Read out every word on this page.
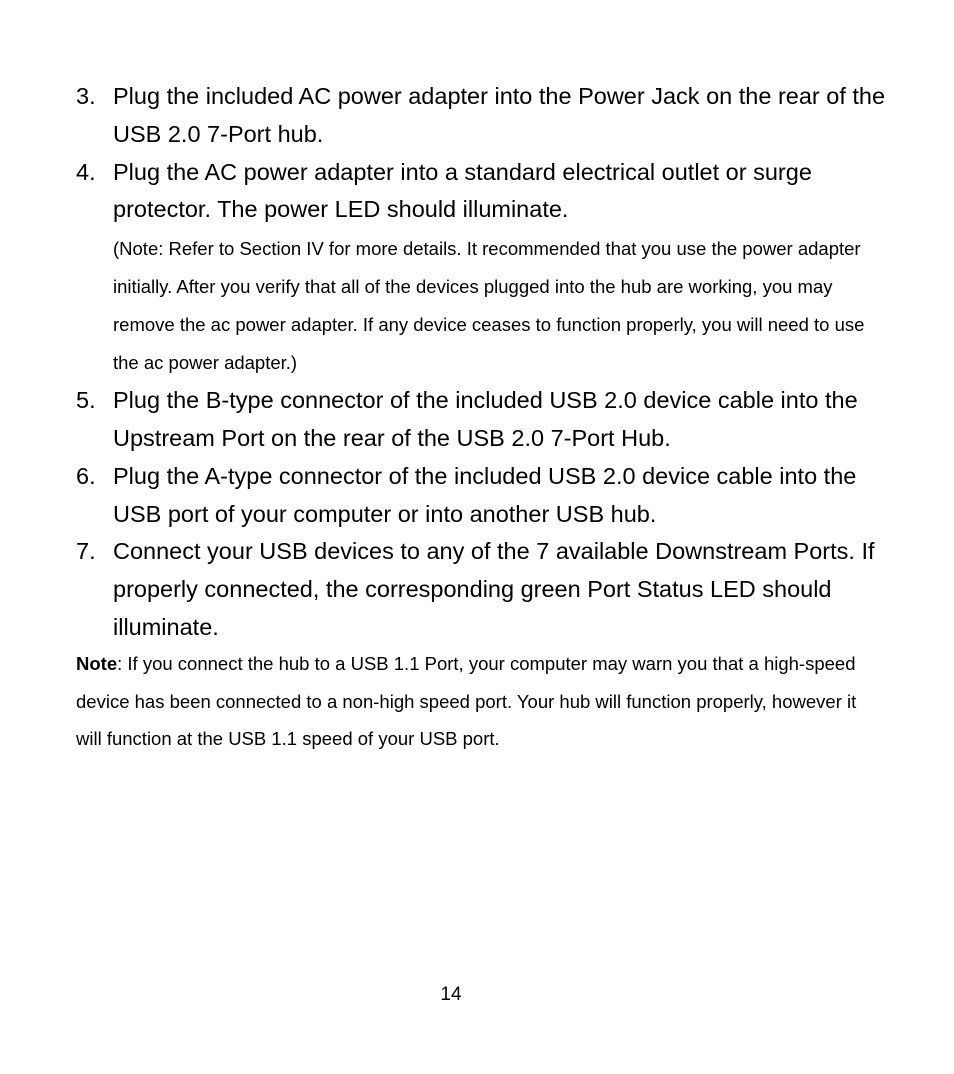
3. Plug the included AC power adapter into the Power Jack on the rear of the USB 2.0 7-Port hub.
4. Plug the AC power adapter into a standard electrical outlet or surge protector. The power LED should illuminate.

(Note: Refer to Section IV for more details. It recommended that you use the power adapter initially. After you verify that all of the devices plugged into the hub are working, you may remove the ac power adapter. If any device ceases to function properly, you will need to use the ac power adapter.)

5. Plug the B-type connector of the included USB 2.0 device cable into the Upstream Port on the rear of the USB 2.0 7-Port Hub.
6. Plug the A-type connector of the included USB 2.0 device cable into the USB port of your computer or into another USB hub.
7. Connect your USB devices to any of the 7 available Downstream Ports. If properly connected, the corresponding green Port Status LED should illuminate.

Note: If you connect the hub to a USB 1.1 Port, your computer may warn you that a high-speed device has been connected to a non-high speed port. Your hub will function properly, however it will function at the USB 1.1 speed of your USB port.

14
